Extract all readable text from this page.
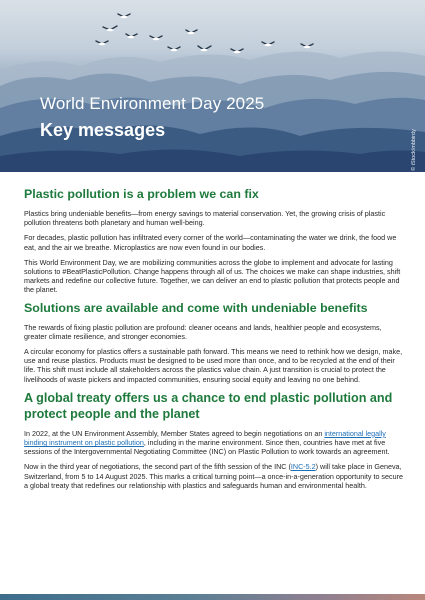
World Environment Day 2025
Key messages	© iStock/mbbirdy
Plastic pollution is a problem we can fix

Plastics bring undeniable benefits—from energy savings to material conservation. Yet, the growing crisis of plastic pollution threatens both planetary and human well-being.

For decades, plastic pollution has infiltrated every corner of the world—contaminating the water we drink, the food we eat, and the air we breathe. Microplastics are now even found in our bodies.

This World Environment Day, we are mobilizing communities across the globe to implement and advocate for lasting solutions to #BeatPlasticPollution. Change happens through all of us. The choices we make can shape industries, shift markets and redefine our collective future. Together, we can deliver an end to plastic pollution that protects people and the planet.

Solutions are available and come with undeniable benefits

The rewards of fixing plastic pollution are profound: cleaner oceans and lands, healthier people and ecosystems, greater climate resilience, and stronger economies.

A circular economy for plastics offers a sustainable path forward. This means we need to rethink how we design, make, use and reuse plastics. Products must be designed to be used more than once, and to be recycled at the end of their life. This shift must include all stakeholders across the plastics value chain. A just transition is crucial to protect the livelihoods of waste pickers and impacted communities, ensuring social equity and leaving no one behind.

A global treaty offers us a chance to end plastic pollution and protect people and the planet

In 2022, at the UN Environment Assembly, Member States agreed to begin negotiations on an international legally binding instrument on plastic pollution, including in the marine environment. Since then, countries have met at five sessions of the Intergovernmental Negotiating Committee (INC) on Plastic Pollution to work towards an agreement.

Now in the third year of negotiations, the second part of the fifth session of the INC (INC-5.2) will take place in Geneva, Switzerland, from 5 to 14 August 2025. This marks a critical turning point—a once-in-a-generation opportunity to secure a global treaty that redefines our relationship with plastics and safeguards human and environmental health.
